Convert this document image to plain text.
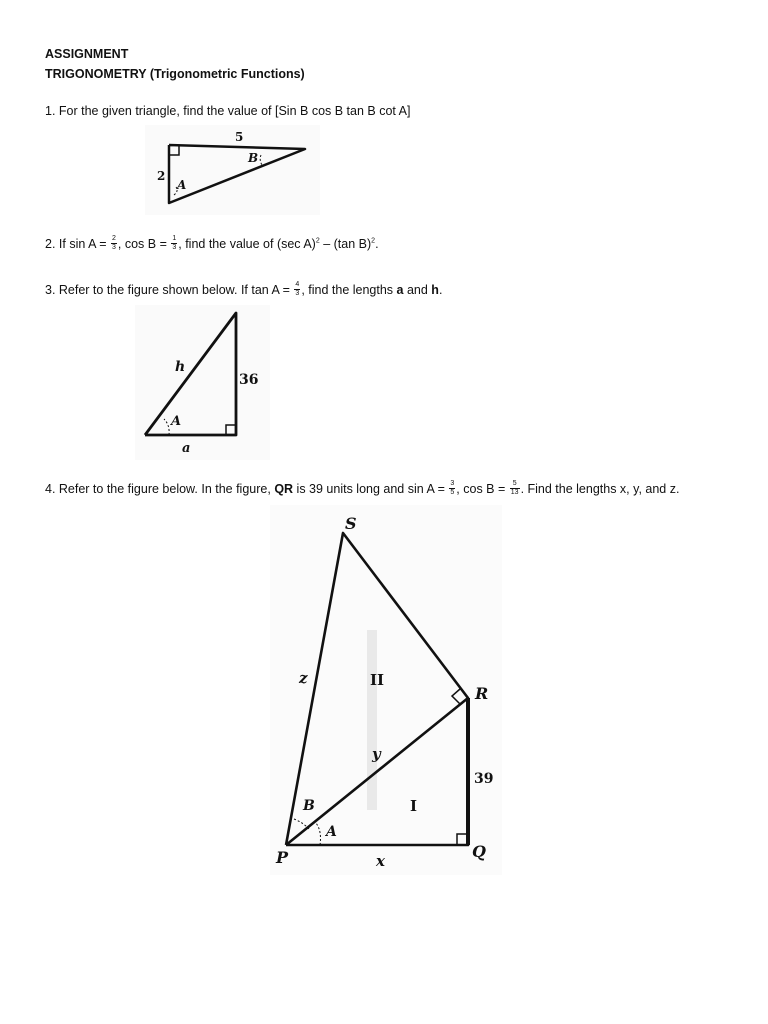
ASSIGNMENT
TRIGONOMETRY (Trigonometric Functions)
1. For the given triangle, find the value of [Sin B cos B tan B cot A]
5
2
A
B
2. If $\sin A = \frac{2}{3}$ , $\cos B = \frac{1}{3}$ , find the value of (sec A)$^2$ – (tan B)$^2$.
3. Refer to the figure shown below. If $\tan A = \frac{4}{3}$ , find the lengths a and h.
h
36
a
A
4. Refer to the figure below. In the figure, QR is 39 units long and $\sin A = \frac{3}{5}$ , $\cos B = \frac{5}{13}$ . Find the lengths x, y, and z.
S
R
P	Q
z
y
x
39
II
I
B
A
